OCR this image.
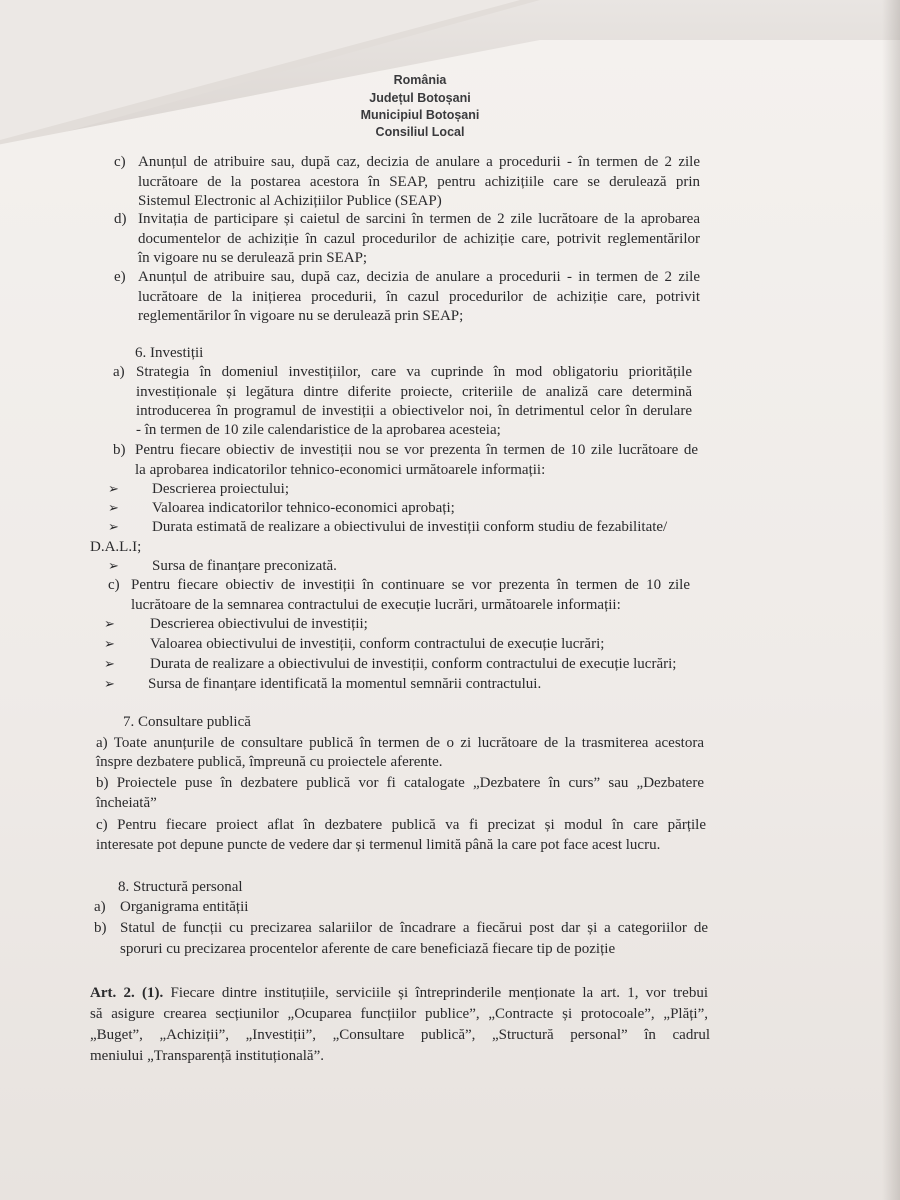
România
Județul Botoșani
Municipiul Botoșani
Consiliul Local
c) Anunțul de atribuire sau, după caz, decizia de anulare a procedurii - în termen de 2 zile
lucrătoare de la postarea acestora în SEAP, pentru achizițiile care se derulează prin
Sistemul Electronic al Achizițiilor Publice (SEAP)
d) Invitația de participare și caietul de sarcini în termen de 2 zile lucrătoare de la aprobarea
documentelor de achiziție în cazul procedurilor de achiziție care, potrivit reglementărilor
în vigoare nu se derulează prin SEAP;
e) Anunțul de atribuire sau, după caz, decizia de anulare a procedurii - in termen de 2 zile
lucrătoare de la inițierea procedurii, în cazul procedurilor de achiziție care, potrivit
reglementărilor în vigoare nu se derulează prin SEAP;
6. Investiții
a) Strategia în domeniul investițiilor, care va cuprinde în mod obligatoriu prioritățile
investiționale și legătura dintre diferite proiecte, criteriile de analiză care determină
introducerea în programul de investiții a obiectivelor noi, în detrimentul celor în derulare
- în termen de 10 zile calendaristice de la aprobarea acesteia;
b) Pentru fiecare obiectiv de investiții nou se vor prezenta în termen de 10 zile lucrătoare de
la aprobarea indicatorilor tehnico-economici următoarele informații:
➢ Descrierea proiectului;
➢ Valoarea indicatorilor tehnico-economici aprobați;
➢ Durata estimată de realizare a obiectivului de investiții conform studiu de fezabilitate/
D.A.L.I;
➢ Sursa de finanțare preconizată.
c) Pentru fiecare obiectiv de investiții în continuare se vor prezenta în termen de 10 zile
lucrătoare de la semnarea contractului de execuție lucrări, următoarele informații:
➢ Descrierea obiectivului de investiții;
➢ Valoarea obiectivului de investiții, conform contractului de execuție lucrări;
➢ Durata de realizare a obiectivului de investiții, conform contractului de execuție lucrări;
➢ Sursa de finanțare identificată la momentul semnării contractului.
7. Consultare publică
a) Toate anunțurile de consultare publică în termen de o zi lucrătoare de la trasmiterea acestora
înspre dezbatere publică, împreună cu proiectele aferente.
b) Proiectele puse în dezbatere publică vor fi catalogate „Dezbatere în curs” sau „Dezbatere
încheiată”
c) Pentru fiecare proiect aflat în dezbatere publică va fi precizat și modul în care părțile
interesate pot depune puncte de vedere dar și termenul limită până la care pot face acest lucru.
8. Structură personal
a) Organigrama entității
b) Statul de funcții cu precizarea salariilor de încadrare a fiecărui post dar și a categoriilor de
sporuri cu precizarea procentelor aferente de care beneficiază fiecare tip de poziție
Art. 2. (1). Fiecare dintre instituțiile, serviciile și întreprinderile menționate la art. 1, vor trebui
să asigure crearea secțiunilor „Ocuparea funcțiilor publice”, „Contracte și protocoale”, „Plăți”,
„Buget”, „Achiziții”, „Investiții”, „Consultare publică”, „Structură personal” în cadrul
meniului „Transparență instituțională”.
